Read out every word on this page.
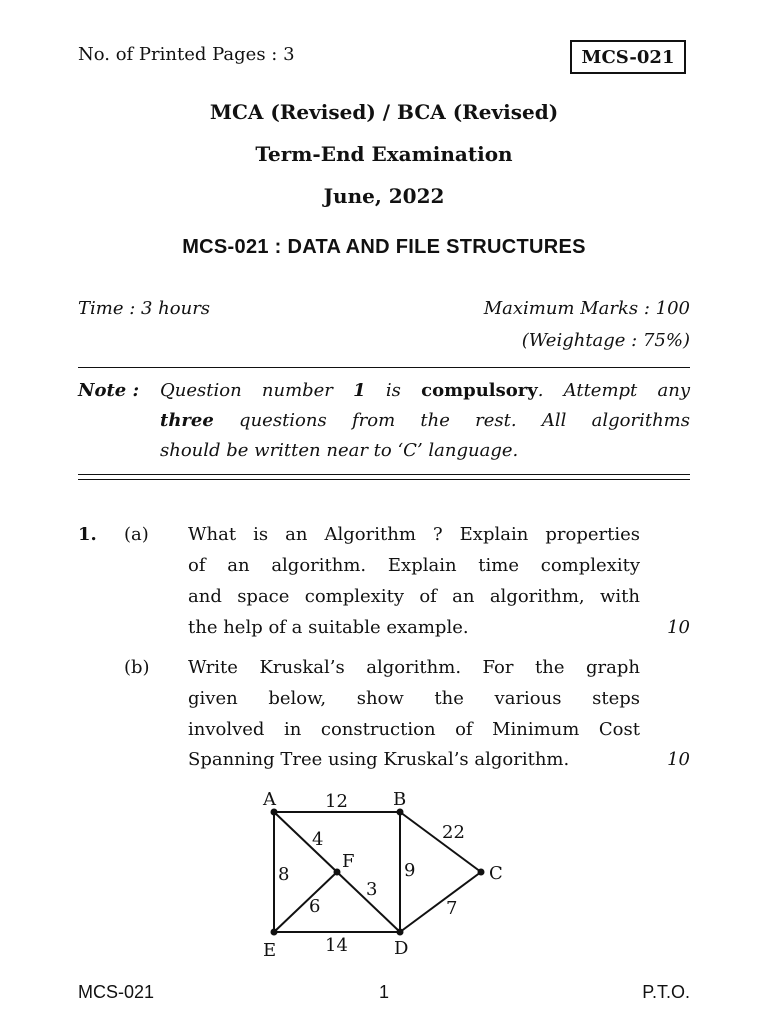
No. of Printed Pages : 3	MCS-021
MCA (Revised) / BCA (Revised)
Term-End Examination
June, 2022
MCS-021 : DATA AND FILE STRUCTURES
Time : 3 hours	Maximum Marks : 100
(Weightage : 75%)
Note : Question number 1 is compulsory. Attempt any
three questions from the rest. All algorithms
should be written near to ‘C’ language.
1. (a) What is an Algorithm ? Explain properties
of an algorithm. Explain time complexity
and space complexity of an algorithm, with
the help of a suitable example.	10
(b) Write Kruskal’s algorithm. For the graph
given below, show the various steps
involved in construction of Minimum Cost
Spanning Tree using Kruskal’s algorithm.	10
A	B
C
D
E
F
12
4
8
6
3
9
22
7
14
MCS-021	1	P.T.O.
